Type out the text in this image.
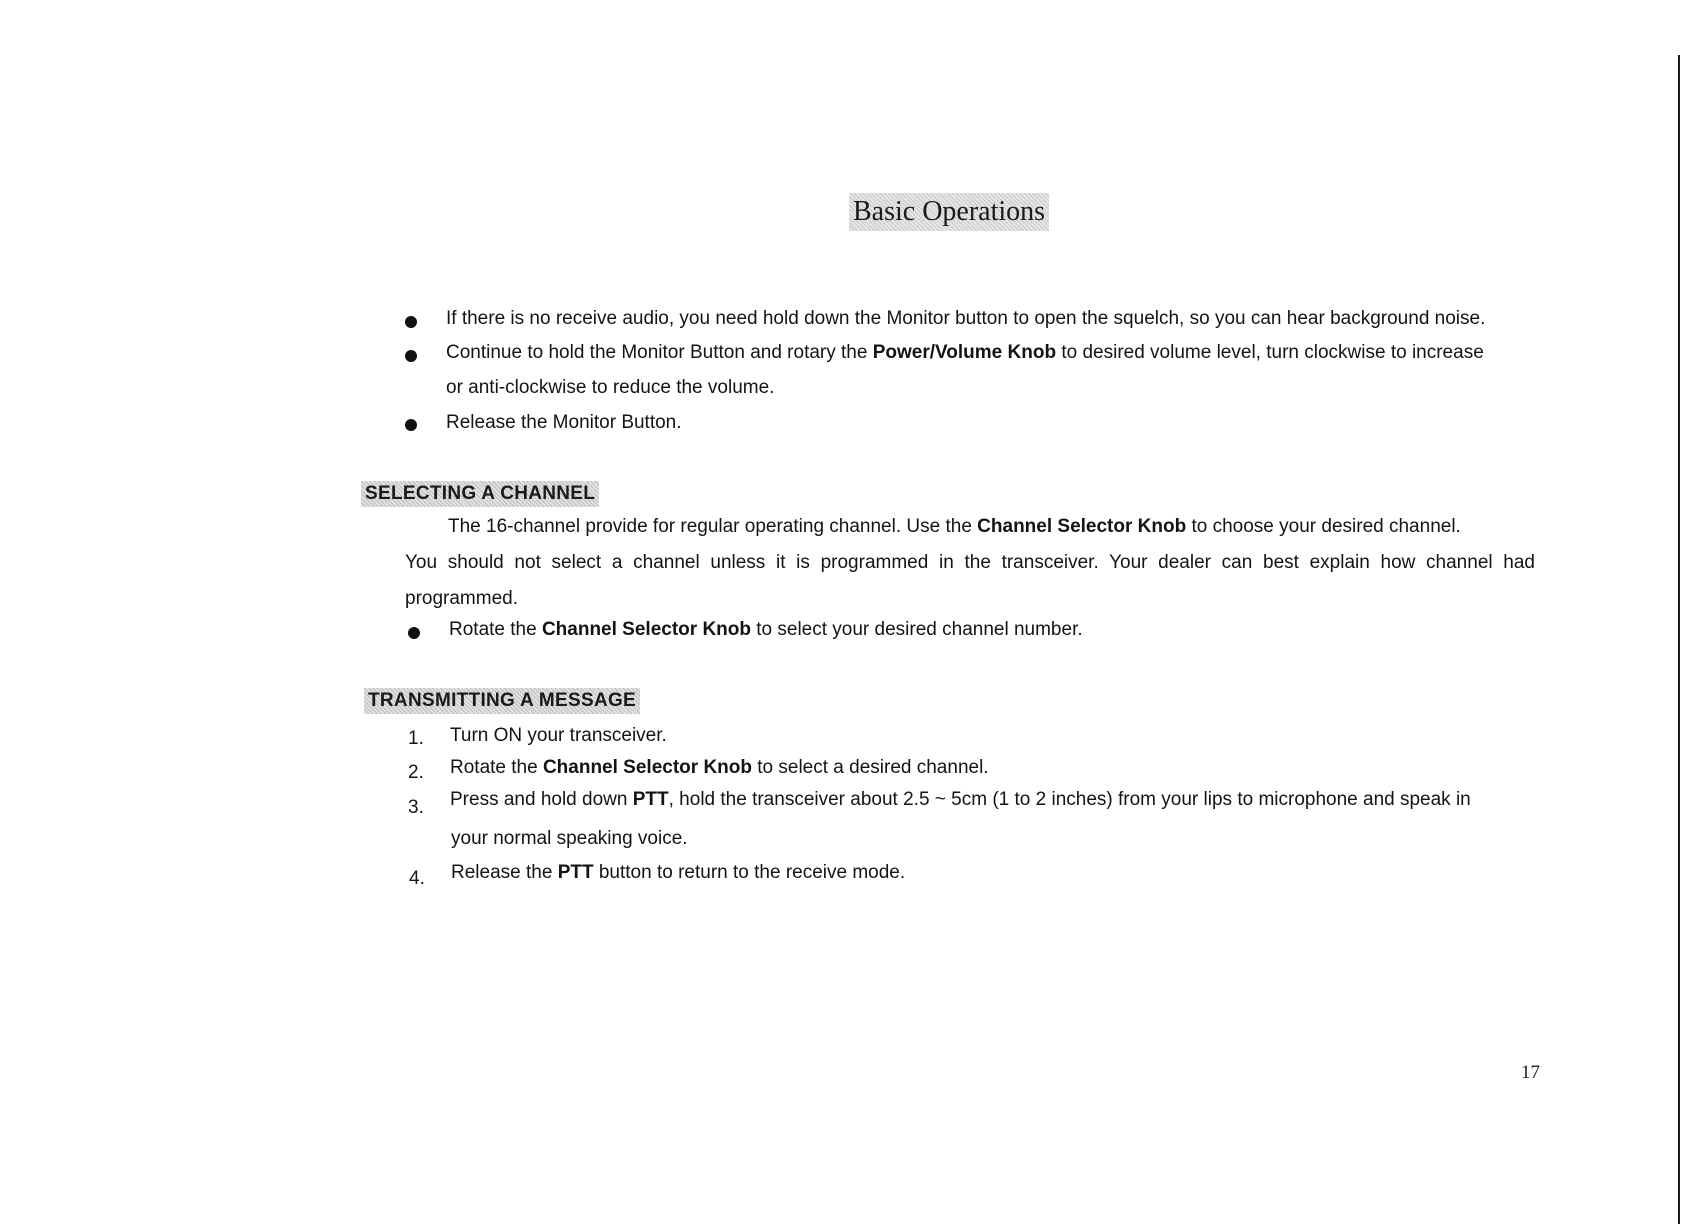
Basic Operations
If there is no receive audio, you need hold down the Monitor button to open the squelch, so you can hear background noise.
Continue to hold the Monitor Button and rotary the Power/Volume Knob to desired volume level, turn clockwise to increase
or anti-clockwise to reduce the volume.
Release the Monitor Button.
SELECTING A CHANNEL
The 16-channel provide for regular operating channel. Use the Channel Selector Knob to choose your desired channel.
You should not select a channel unless it is programmed in the transceiver. Your dealer can best explain how channel had
programmed.
Rotate the Channel Selector Knob to select your desired channel number.
TRANSMITTING A MESSAGE
1. Turn ON your transceiver.
2. Rotate the Channel Selector Knob to select a desired channel.
3. Press and hold down PTT, hold the transceiver about 2.5 ~ 5cm (1 to 2 inches) from your lips to microphone and speak in
your normal speaking voice.
4. Release the PTT button to return to the receive mode.
17
